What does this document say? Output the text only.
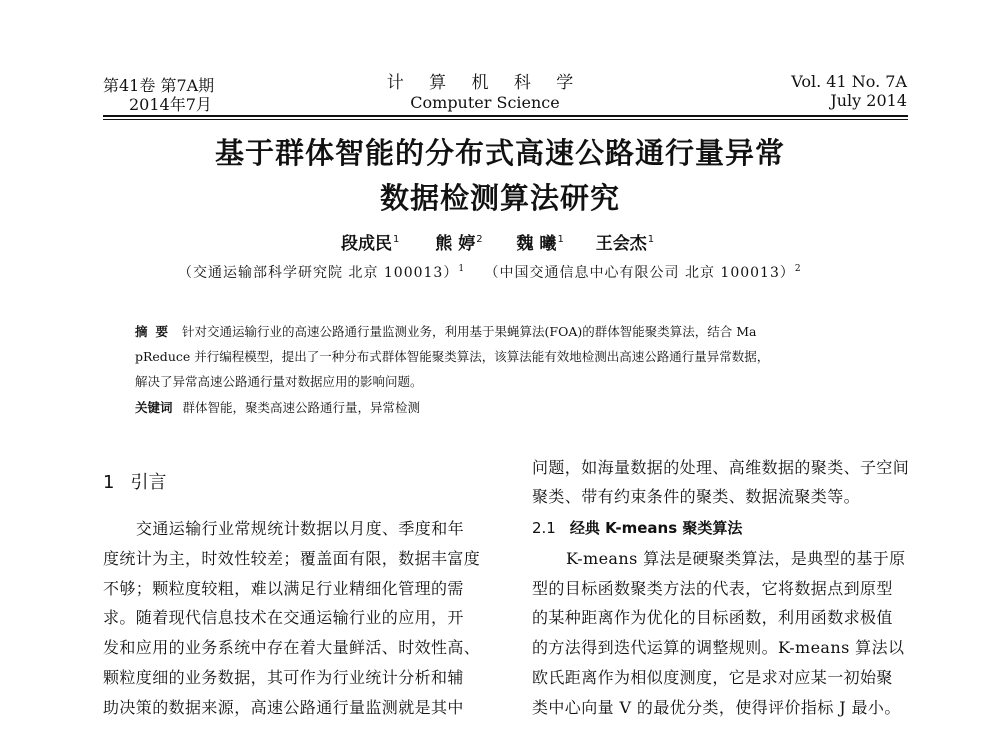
第41卷 第7A期
2014年7月
计 算 机 科 学
Computer Science
Vol. 41 No. 7A
July 2014
基于群体智能的分布式高速公路通行量异常
数据检测算法研究
段成民$^1$ 熊 婷$^2$ 魏 曦$^1$ 王会杰$^1$
（交通运输部科学研究院 北京 100013）$^1$ （中国交通信息中心有限公司 北京 100013）$^2$
摘要 针对交通运输行业的高速公路通行量监测业务，利用基于果蝇算法(FOA)的群体智能聚类算法，结合 Ma
pReduce 并行编程模型，提出了一种分布式群体智能聚类算法，该算法能有效地检测出高速公路通行量异常数据，
解决了异常高速公路通行量对数据应用的影响问题。
关键词 群体智能，聚类高速公路通行量，异常检测
1 引言
交通运输行业常规统计数据以月度、季度和年
度统计为主，时效性较差；覆盖面有限，数据丰富度
不够；颗粒度较粗，难以满足行业精细化管理的需
求。随着现代信息技术在交通运输行业的应用，开
发和应用的业务系统中存在着大量鲜活、时效性高、
颗粒度细的业务数据，其可作为行业统计分析和辅
助决策的数据来源，高速公路通行量监测就是其中
问题，如海量数据的处理、高维数据的聚类、子空间
聚类、带有约束条件的聚类、数据流聚类等。
2.1 经典 K-means 聚类算法
K-means 算法是硬聚类算法，是典型的基于原
型的目标函数聚类方法的代表，它将数据点到原型
的某种距离作为优化的目标函数，利用函数求极值
的方法得到迭代运算的调整规则。K-means 算法以
欧氏距离作为相似度测度，它是求对应某一初始聚
类中心向量 V 的最优分类，使得评价指标 J 最小。
